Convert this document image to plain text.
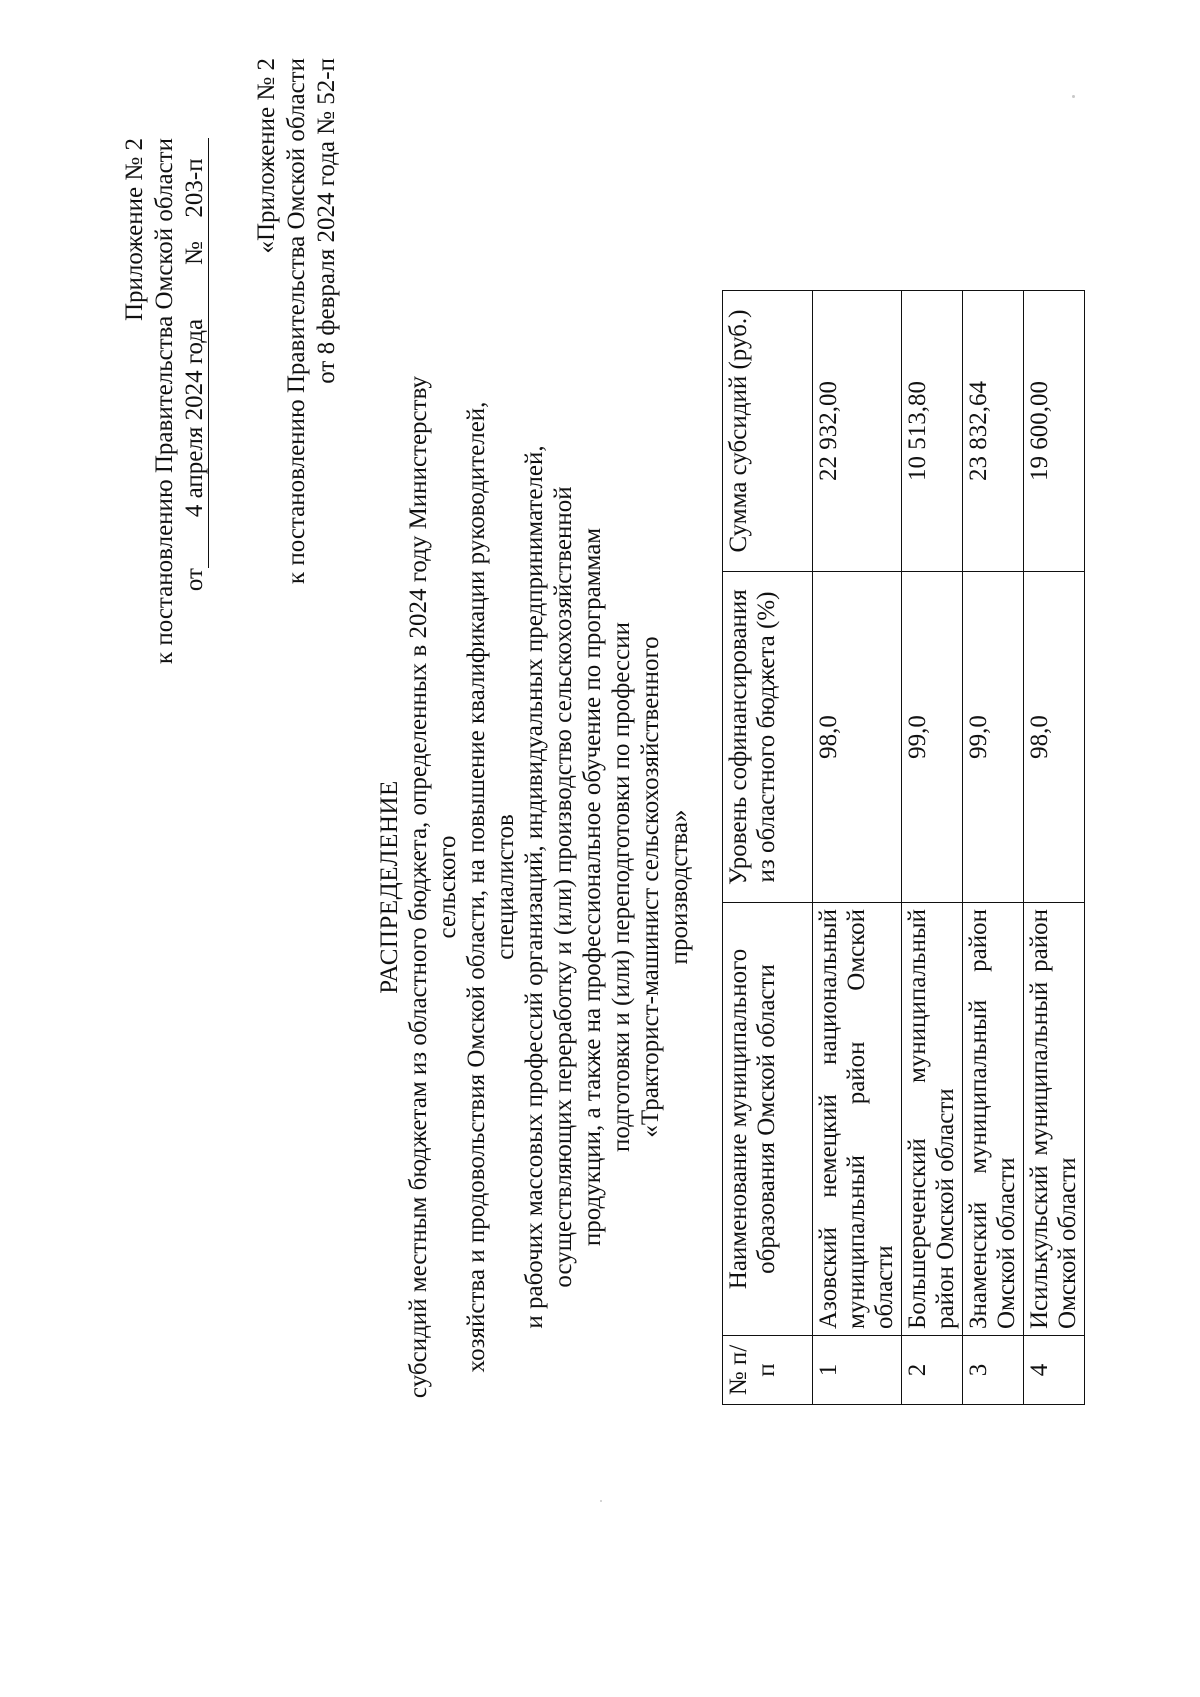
Приложение № 2 к постановлению Правительства Омской области от
4 апреля 2024 года
№
203-п «Приложение № 2 к постановлению Правительства Омской области от 8 февраля 2024 года № 52-п
РАСПРЕДЕЛЕНИЕ субсидий местным бюджетам из областного бюджета, определенных в 2024 году Министерству сельского хозяйства и продовольствия Омской области, на повышение квалификации руководителей, специалистов и рабочих массовых профессий организаций, индивидуальных предпринимателей, осуществляющих переработку и (или) производство сельскохозяйственной продукции, а также на профессиональное обучение по программам подготовки и (или) переподготовки по профессии «Тракторист-машинист сельскохозяйственного производства»
№ п/п	Наименование муниципального образования Омской области	Уровень софинансирования из областного бюджета (%)	Сумма субсидий (руб.)
1	Азовский немецкий национальный муниципальный район Омской области	98,0	22 932,00
2	Большереченский муниципальный район Омской области	99,0	10 513,80
3	Знаменский муниципальный район Омской области	99,0	23 832,64
4	Исилькульский муниципальный район Омской области	98,0	19 600,00
